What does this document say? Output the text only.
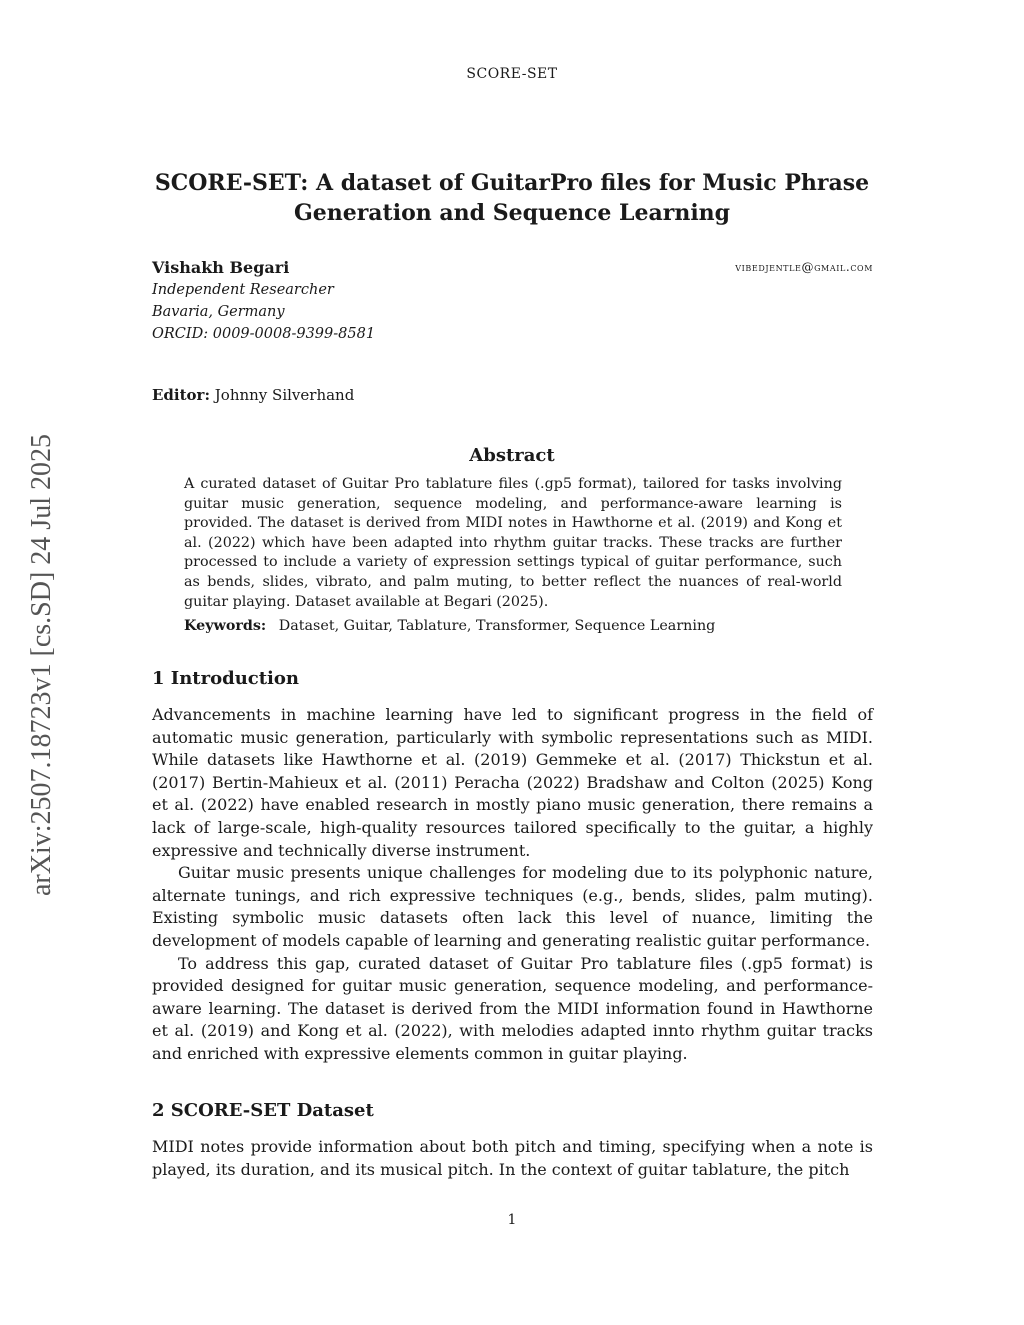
SCORE-SET
arXiv:2507.18723v1 [cs.SD] 24 Jul 2025
SCORE-SET: A dataset of GuitarPro files for Music Phrase Generation and Sequence Learning
Vishakh Begari	vibedjentle@gmail.com
Independent Researcher
Bavaria, Germany
ORCID: 0009-0008-9399-8581
Editor: Johnny Silverhand
Abstract
A curated dataset of Guitar Pro tablature files (.gp5 format), tailored for tasks involving guitar music generation, sequence modeling, and performance-aware learning is provided. The dataset is derived from MIDI notes in Hawthorne et al. (2019) and Kong et al. (2022) which have been adapted into rhythm guitar tracks. These tracks are further processed to include a variety of expression settings typical of guitar performance, such as bends, slides, vibrato, and palm muting, to better reflect the nuances of real-world guitar playing. Dataset available at Begari (2025).
Keywords: Dataset, Guitar, Tablature, Transformer, Sequence Learning
1 Introduction

Advancements in machine learning have led to significant progress in the field of automatic music generation, particularly with symbolic representations such as MIDI. While datasets like Hawthorne et al. (2019) Gemmeke et al. (2017) Thickstun et al. (2017) Bertin-Mahieux et al. (2011) Peracha (2022) Bradshaw and Colton (2025) Kong et al. (2022) have enabled research in mostly piano music generation, there remains a lack of large-scale, high-quality resources tailored specifically to the guitar, a highly expressive and technically diverse instrument.

Guitar music presents unique challenges for modeling due to its polyphonic nature, alternate tunings, and rich expressive techniques (e.g., bends, slides, palm muting). Existing symbolic music datasets often lack this level of nuance, limiting the development of models capable of learning and generating realistic guitar performance.

To address this gap, curated dataset of Guitar Pro tablature files (.gp5 format) is provided designed for guitar music generation, sequence modeling, and performance-aware learning. The dataset is derived from the MIDI information found in Hawthorne et al. (2019) and Kong et al. (2022), with melodies adapted innto rhythm guitar tracks and enriched with expressive elements common in guitar playing.

2 SCORE-SET Dataset

MIDI notes provide information about both pitch and timing, specifying when a note is played, its duration, and its musical pitch. In the context of guitar tablature, the pitch

1
